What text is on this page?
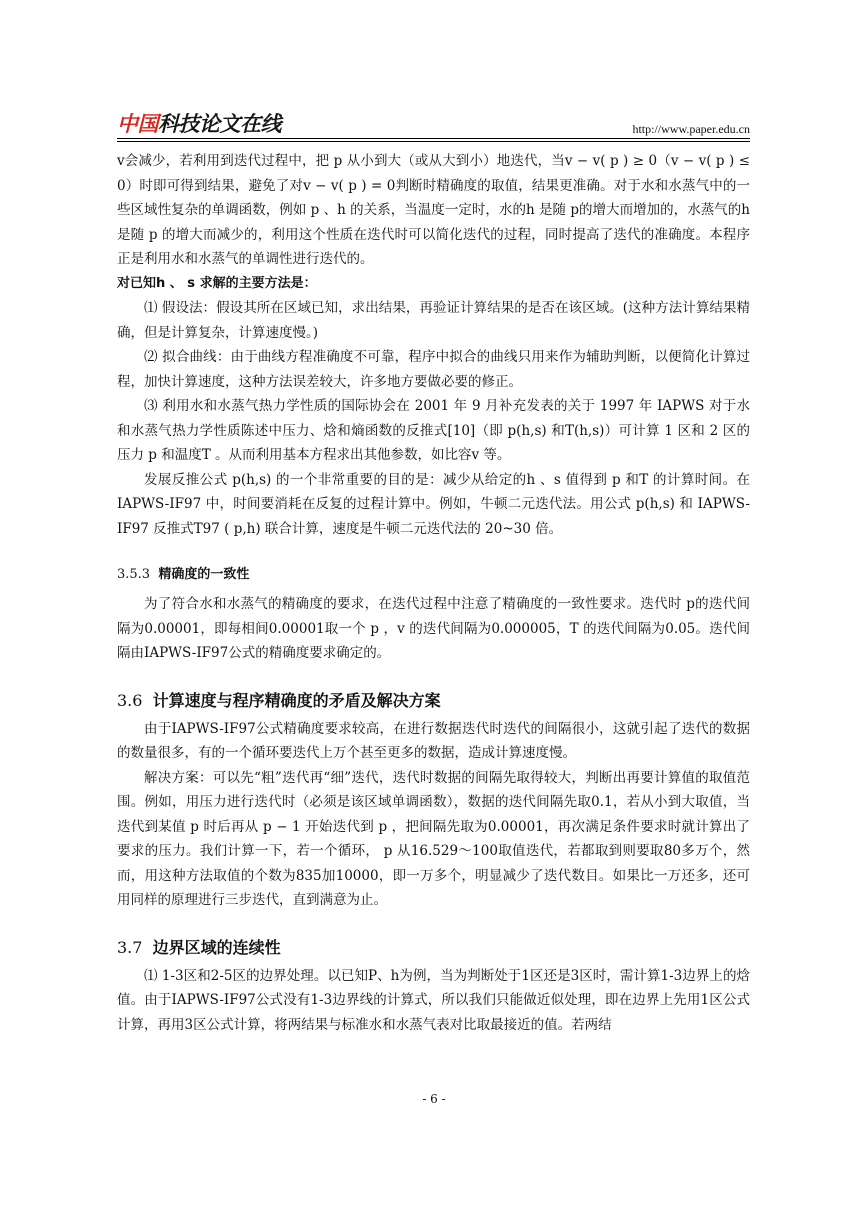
中国科技论文在线	http://www.paper.edu.cn

v会减少，若利用到迭代过程中，把 p 从小到大（或从大到小）地迭代，当v − v( p ) ≥ 0（v − v( p ) ≤ 0）时即可得到结果，避免了对v − v( p ) = 0判断时精确度的取值，结果更准确。对于水和水蒸气中的一些区域性复杂的单调函数，例如 p 、h 的关系，当温度一定时，水的h 是随 p的增大而增加的，水蒸气的h 是随 p 的增大而减少的，利用这个性质在迭代时可以简化迭代的过程，同时提高了迭代的准确度。本程序正是利用水和水蒸气的单调性进行迭代的。

对已知h 、 s 求解的主要方法是：

⑴ 假设法：假设其所在区域已知，求出结果，再验证计算结果的是否在该区域。(这种方法计算结果精确，但是计算复杂，计算速度慢。)

⑵ 拟合曲线：由于曲线方程准确度不可靠，程序中拟合的曲线只用来作为辅助判断，以便简化计算过程，加快计算速度，这种方法误差较大，许多地方要做必要的修正。

⑶ 利用水和水蒸气热力学性质的国际协会在 2001 年 9 月补充发表的关于 1997 年 IAPWS 对于水和水蒸气热力学性质陈述中压力、焓和熵函数的反推式[10]（即 p(h,s) 和T(h,s)）可计算 1 区和 2 区的压力 p 和温度T 。从而利用基本方程求出其他参数，如比容v 等。

发展反推公式 p(h,s) 的一个非常重要的目的是：减少从给定的h 、s 值得到 p 和T 的计算时间。在 IAPWS-IF97 中，时间要消耗在反复的过程计算中。例如，牛顿二元迭代法。用公式 p(h,s) 和 IAPWS-IF97 反推式T97 ( p,h) 联合计算，速度是牛顿二元迭代法的 20~30 倍。

3.5.3 精确度的一致性

为了符合水和水蒸气的精确度的要求，在迭代过程中注意了精确度的一致性要求。迭代时 p的迭代间隔为0.00001，即每相间0.00001取一个 p ，v 的迭代间隔为0.000005，T 的迭代间隔为0.05。迭代间隔由IAPWS-IF97公式的精确度要求确定的。

3.6 计算速度与程序精确度的矛盾及解决方案

由于IAPWS-IF97公式精确度要求较高，在进行数据迭代时迭代的间隔很小，这就引起了迭代的数据的数量很多，有的一个循环要迭代上万个甚至更多的数据，造成计算速度慢。

解决方案：可以先“粗”迭代再“细”迭代，迭代时数据的间隔先取得较大，判断出再要计算值的取值范围。例如，用压力进行迭代时（必须是该区域单调函数），数据的迭代间隔先取0.1，若从小到大取值，当迭代到某值 p 时后再从 p − 1 开始迭代到 p ，把间隔先取为0.00001，再次满足条件要求时就计算出了要求的压力。我们计算一下，若一个循环， p 从16.529～100取值迭代，若都取到则要取80多万个，然而，用这种方法取值的个数为835加10000，即一万多个，明显减少了迭代数目。如果比一万还多，还可用同样的原理进行三步迭代，直到满意为止。

3.7 边界区域的连续性

⑴ 1-3区和2-5区的边界处理。以已知P、h为例，当为判断处于1区还是3区时，需计算1-3边界上的焓值。由于IAPWS-IF97公式没有1-3边界线的计算式，所以我们只能做近似处理，即在边界上先用1区公式计算，再用3区公式计算，将两结果与标准水和水蒸气表对比取最接近的值。若两结

- 6 -
